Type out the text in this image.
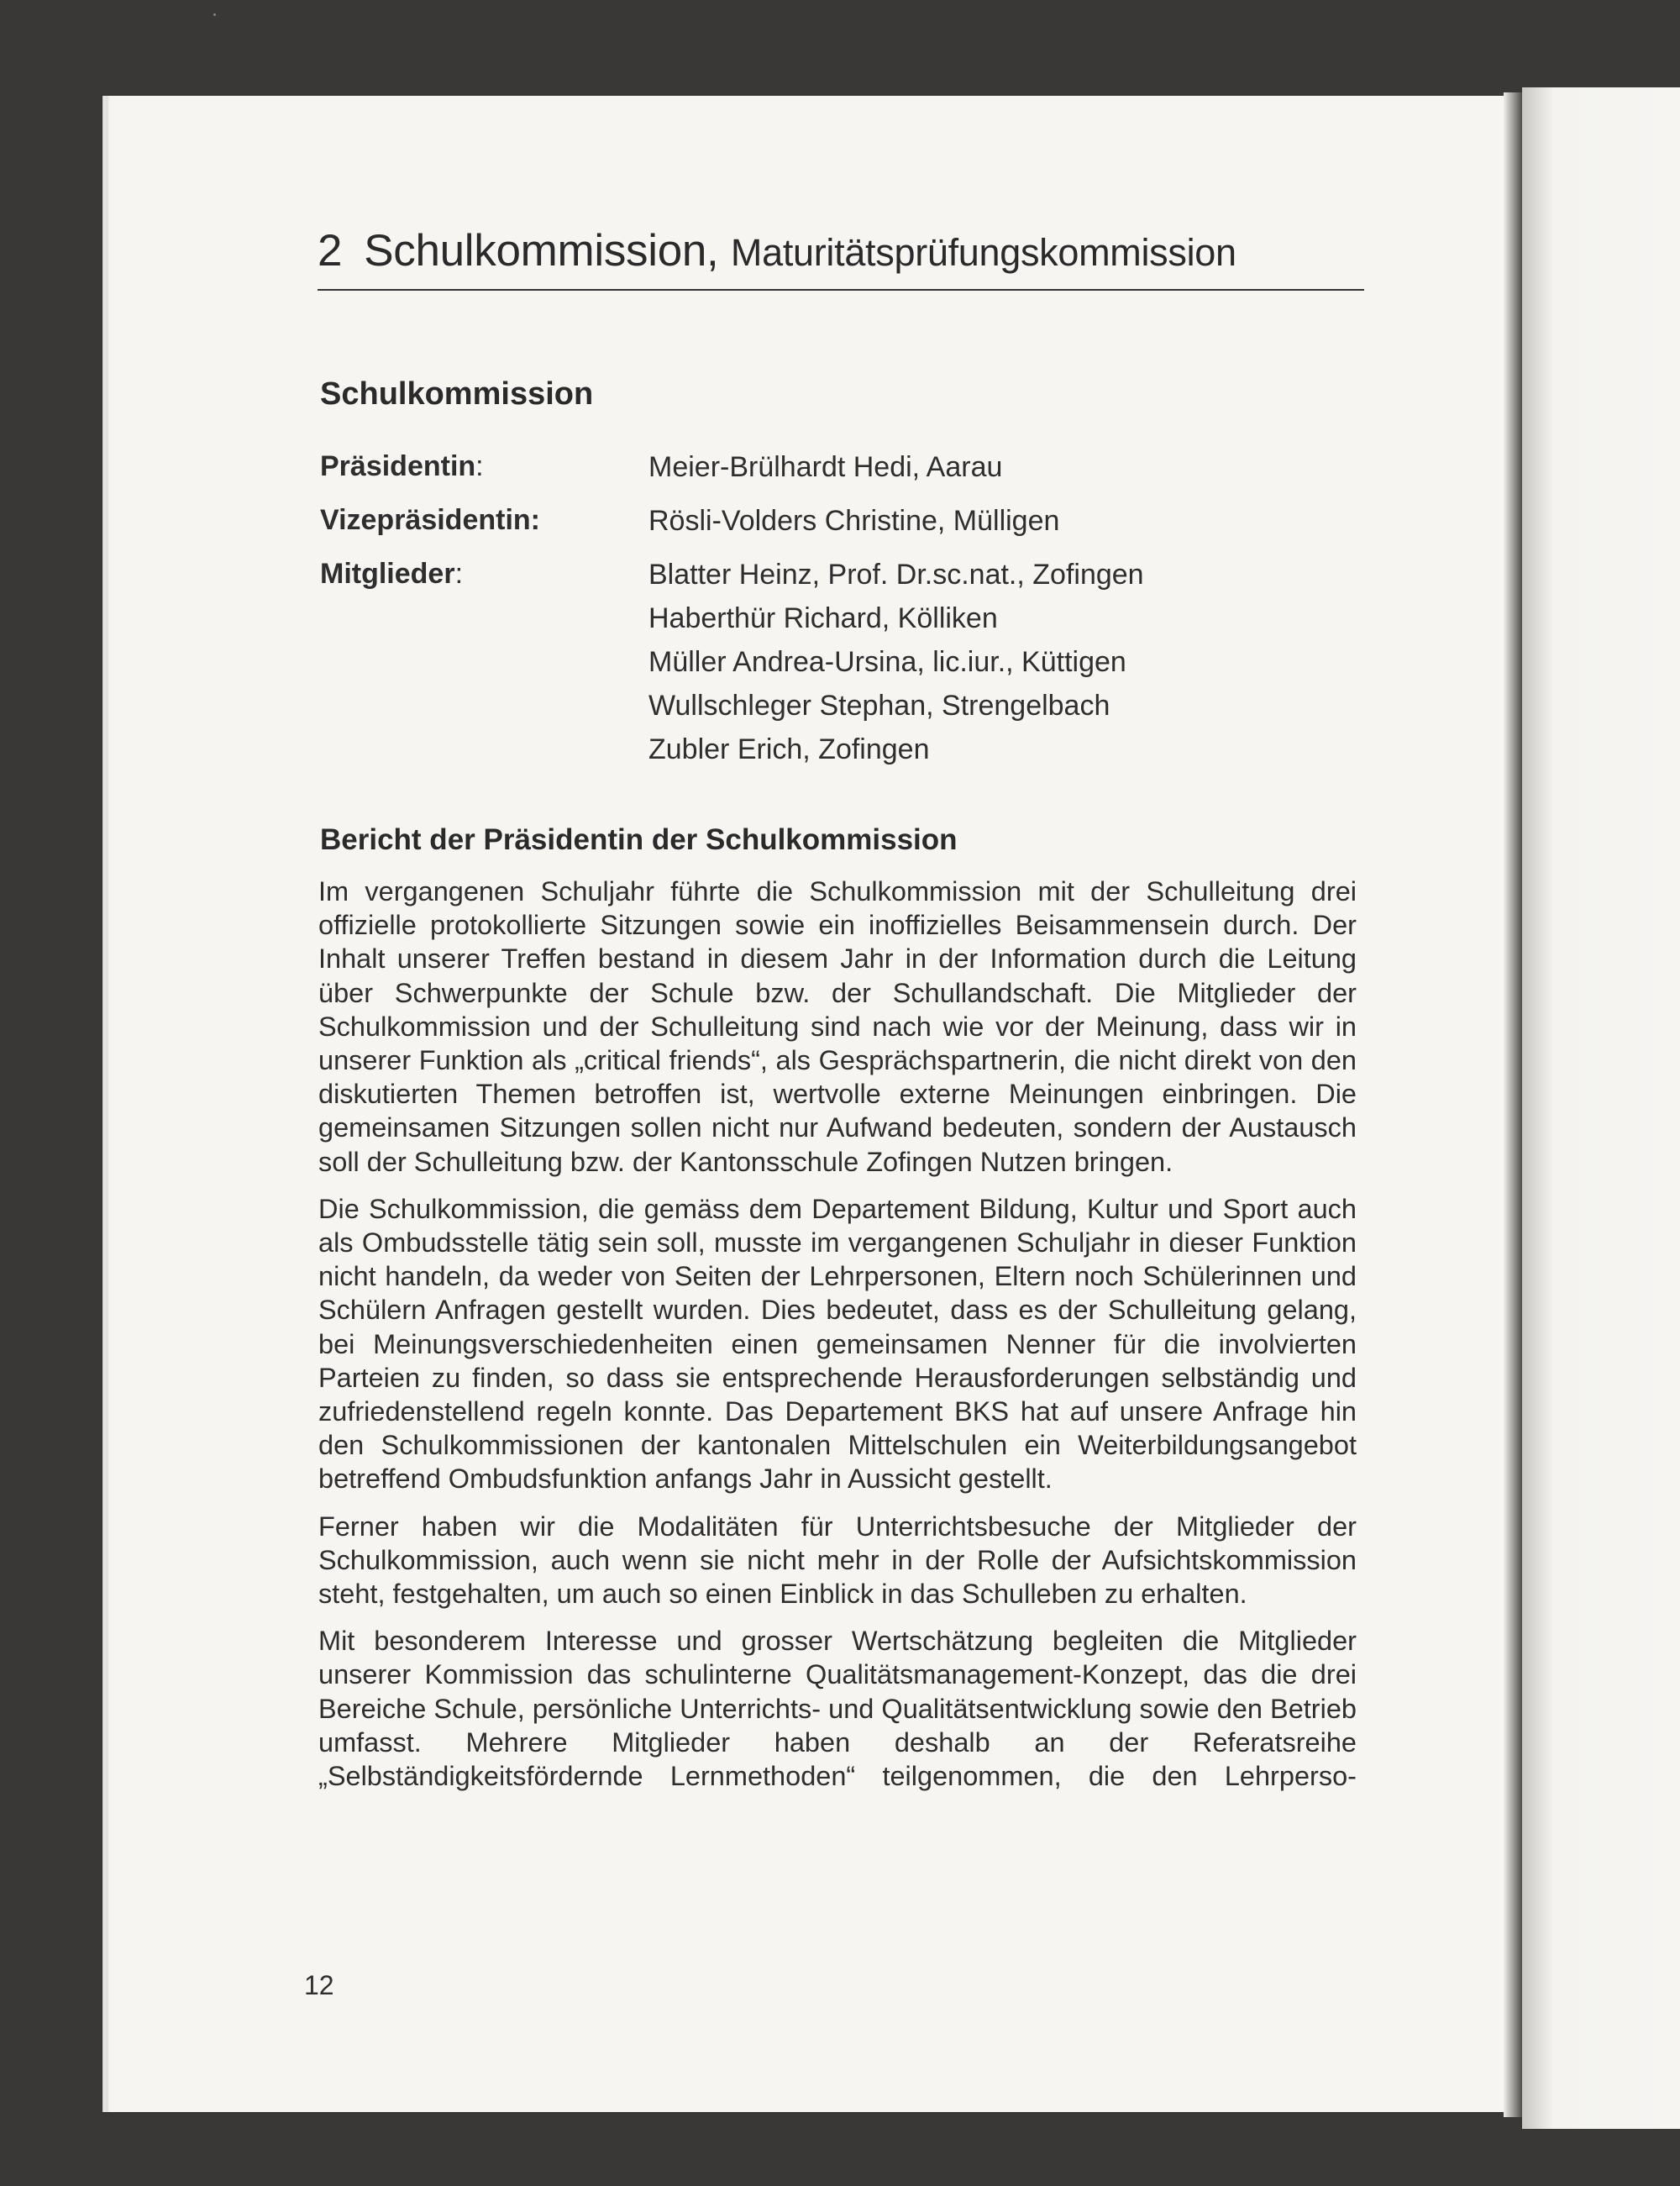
2 Schulkommission, Maturitätsprüfungskommission
Schulkommission
Präsidentin:	Meier-Brülhardt Hedi, Aarau
Vizepräsidentin:	Rösli-Volders Christine, Mülligen
Mitglieder:	Blatter Heinz, Prof. Dr.sc.nat., Zofingen
Haberthür Richard, Kölliken
Müller Andrea-Ursina, lic.iur., Küttigen
Wullschleger Stephan, Strengelbach
Zubler Erich, Zofingen
Bericht der Präsidentin der Schulkommission

Im vergangenen Schuljahr führte die Schulkommission mit der Schulleitung drei offizielle protokollierte Sitzungen sowie ein inoffizielles Beisammensein durch. Der Inhalt unserer Treffen bestand in diesem Jahr in der Information durch die Leitung über Schwerpunkte der Schule bzw. der Schullandschaft. Die Mitglieder der Schulkommission und der Schulleitung sind nach wie vor der Meinung, dass wir in unserer Funktion als „critical friends“, als Gesprächspartnerin, die nicht direkt von den diskutierten Themen betroffen ist, wertvolle externe Meinungen einbringen. Die gemeinsamen Sitzungen sollen nicht nur Aufwand bedeuten, sondern der Austausch soll der Schulleitung bzw. der Kantonsschule Zofingen Nutzen bringen.

Die Schulkommission, die gemäss dem Departement Bildung, Kultur und Sport auch als Ombudsstelle tätig sein soll, musste im vergangenen Schuljahr in dieser Funktion nicht handeln, da weder von Seiten der Lehrpersonen, Eltern noch Schülerinnen und Schülern Anfragen gestellt wurden. Dies bedeutet, dass es der Schulleitung gelang, bei Meinungsverschiedenheiten einen gemeinsamen Nenner für die involvierten Parteien zu finden, so dass sie entsprechende Herausforderungen selbständig und zufriedenstellend regeln konnte. Das Departement BKS hat auf unsere Anfrage hin den Schulkommissionen der kantonalen Mittelschulen ein Weiterbildungsangebot betreffend Ombudsfunktion anfangs Jahr in Aussicht gestellt.

Ferner haben wir die Modalitäten für Unterrichtsbesuche der Mitglieder der Schulkommission, auch wenn sie nicht mehr in der Rolle der Aufsichtskommission steht, festgehalten, um auch so einen Einblick in das Schulleben zu erhalten.

Mit besonderem Interesse und grosser Wertschätzung begleiten die Mitglieder unserer Kommission das schulinterne Qualitätsmanagement-Konzept, das die drei Bereiche Schule, persönliche Unterrichts- und Qualitätsentwicklung sowie den Betrieb umfasst. Mehrere Mitglieder haben deshalb an der Referatsreihe „Selbständigkeitsfördernde Lernmethoden“ teilgenommen, die den Lehrperso-

12
